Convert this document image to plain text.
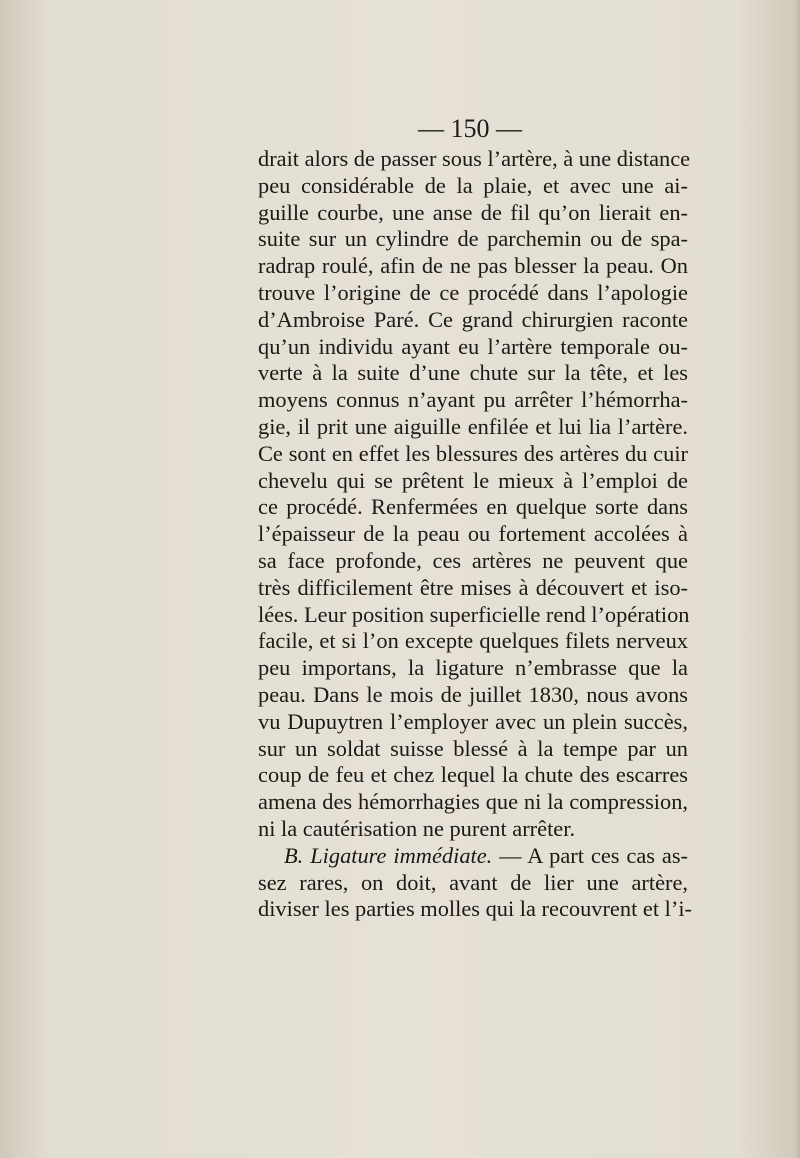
— 150 —
drait alors de passer sous l’artère, à une distance
peu considérable de la plaie, et avec une ai-
guille courbe, une anse de fil qu’on lierait en-
suite sur un cylindre de parchemin ou de spa-
radrap roulé, afin de ne pas blesser la peau. On
trouve l’origine de ce procédé dans l’apologie
d’Ambroise Paré. Ce grand chirurgien raconte
qu’un individu ayant eu l’artère temporale ou-
verte à la suite d’une chute sur la tête, et les
moyens connus n’ayant pu arrêter l’hémorrha-
gie, il prit une aiguille enfilée et lui lia l’artère.
Ce sont en effet les blessures des artères du cuir
chevelu qui se prêtent le mieux à l’emploi de
ce procédé. Renfermées en quelque sorte dans
l’épaisseur de la peau ou fortement accolées à
sa face profonde, ces artères ne peuvent que
très difficilement être mises à découvert et iso-
lées. Leur position superficielle rend l’opération
facile, et si l’on excepte quelques filets nerveux
peu importans, la ligature n’embrasse que la
peau. Dans le mois de juillet 1830, nous avons
vu Dupuytren l’employer avec un plein succès,
sur un soldat suisse blessé à la tempe par un
coup de feu et chez lequel la chute des escarres
amena des hémorrhagies que ni la compression,
ni la cautérisation ne purent arrêter.
B. Ligature immédiate. — A part ces cas as-
sez rares, on doit, avant de lier une artère,
diviser les parties molles qui la recouvrent et l’i-
